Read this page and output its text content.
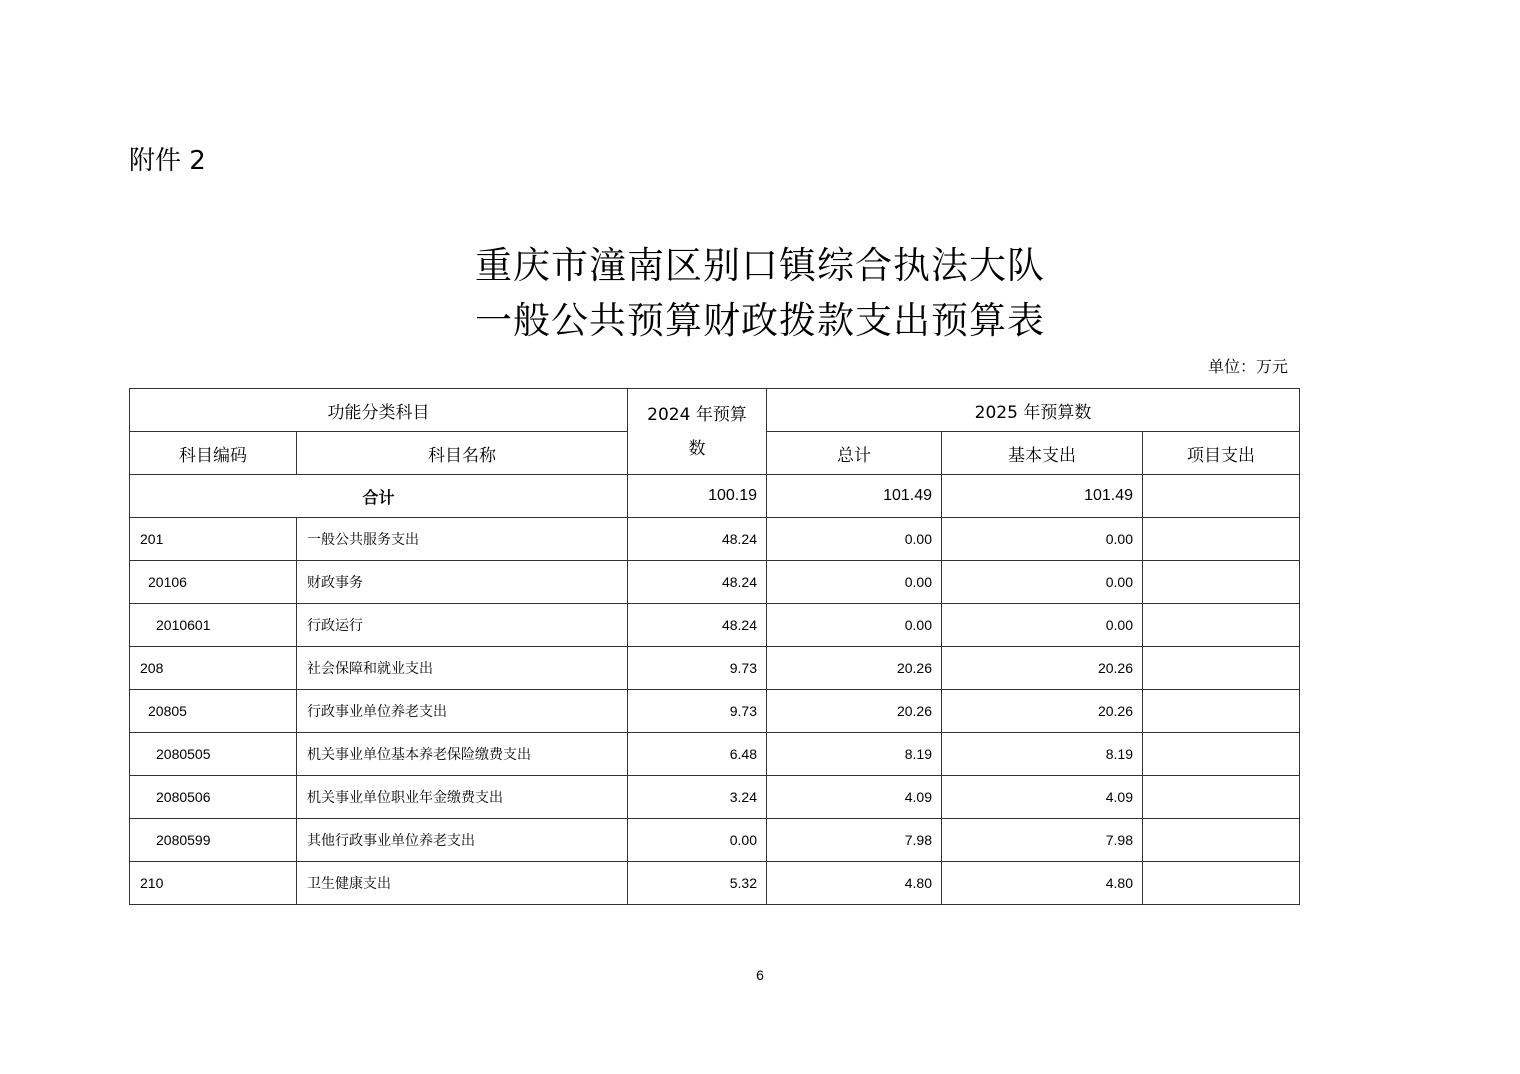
附件 2
重庆市潼南区别口镇综合执法大队
一般公共预算财政拨款支出预算表
单位：万元
功能分类科目		2024 年预算数	2025 年预算数		
科目编码	科目名称		总计	基本支出	项目支出
合计		100.19	101.49	101.49	
201	一般公共服务支出	48.24	0.00	0.00	
20106	财政事务	48.24	0.00	0.00	
2010601	行政运行	48.24	0.00	0.00	
208	社会保障和就业支出	9.73	20.26	20.26	
20805	行政事业单位养老支出	9.73	20.26	20.26	
2080505	机关事业单位基本养老保险缴费支出	6.48	8.19	8.19	
2080506	机关事业单位职业年金缴费支出	3.24	4.09	4.09	
2080599	其他行政事业单位养老支出	0.00	7.98	7.98	
210	卫生健康支出	5.32	4.80	4.80	
6
